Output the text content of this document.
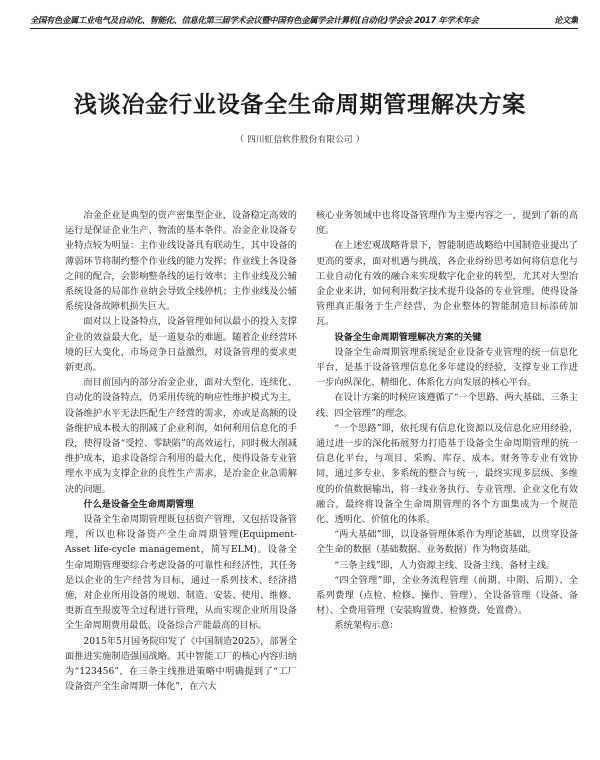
全国有色金属工业电气及自动化、智能化、信息化第三届学术会议暨中国有色金属学会计算机(自动化)学会会 2017 年学术年会	论文集
浅谈冶金行业设备全生命周期管理解决方案
（ 四川虹信软件股份有限公司 ）

冶金企业是典型的资产密集型企业，设备稳定高效的运行是保证企业生产、物流的基本条件。冶金企业设备专业特点较为明显：主作业线设备具有联动生，其中设备的薄弱环节将制约整个作业线的能力发挥；作业线上各设备之间的配合，会影响整条线的运行效率；主作业线及公辅系统设备的局部作业纳会导致全线停机；主作业线及公辅系统设备故障机损失巨大。

面对以上设备特点，设备管理如何以最小的投入支撑企业的效益最大化，是一道复杂的难题。随着企业经营环境的巨大变化，市场竞争日益激烈，对设备管理的要求更新更高。

而目前国内的部分冶金企业，面对大型化、连续化、自动化的设备特点，仍采用传统的响应性维护模式为主，设备维护水平无法匹配生产经营的需求，亦或是高额的设备维护成本极大的削减了企业利润，如何利用信息化的手段，使得设备“受控、零缺陷”的高效运行，同时极大削减维护成本，追求设备综合利用的最大化，使得设备专业管理水平成为支撑企业的良性生产需求，是冶金企业急需解决的问题。

什么是设备全生命周期管理

设备全生命周期管理既包括资产管理，又包括设备管理，所以也称设备资产全生命周期管理(Equipment-Asset life-cycle management，简写ELM)。设备全生命周期管理要综合考虑设备的可靠性和经济性，其任务是以企业的生产经营为目标，通过一系列技术、经济措施，对企业所用设备的规划、制造、安装、使用、维修、更新直至报废等全过程进行管理，从而实现企业所用设备全生命周期费用最低、设备综合产能最高的目标。

2015年5月国务院印发了《中国制造2025》，部署全面推进实施制造强国战略。其中智能工厂的核心内容归纳为“123456”，在三条主线推进策略中明确提到了“工厂设备资产全生命周期一体化”，在六大

核心业务领域中也将设备管理作为主要内容之一，提到了新的高度。

在上述宏观战略背景下，智能制造战略给中国制造业提出了更高的要求，面对机遇与挑战，各企业纷纷思考如何将信息化与工业自动化有效的融合来实现数字化企业的转型，尤其对大型冶金企业来讲，如何利用数字技术提升设备的专业管理，使得设备管理真正服务于生产经营，为企业整体的智能制造目标添砖加瓦。

设备全生命周期管理解决方案的关键

设备全生命周期管理系统是企业设备专业管理的统一信息化平台，是基于设备管理信息化多年建设的经验，支撑专业工作进一步向纵深化、精细化、体系化方向发展的核心平台。

在设计方案的时候应该遵循了“一个思路、两大基础、三条主线、四全管理”的理念。

“一个思路”即，依托现有信息化资源以及信息化应用经验，通过进一步的深化拓展努力打造基于设备全生命周期管理的统一信息化平台，与项目、采购、库存、成本、财务等专业有效协同，通过多专业、多系统的整合与统一，最终实现多层级、多维度的价值数据输出，将一线业务执行、专业管理、企业文化有效融合，最终将设备全生命周期管理的各个方面集成为一个规范化、透明化、价值化的体系。

“两大基础”即，以设备管理体系作为理论基础，以贯穿设备全生命的数据（基础数据、业务数据）作为物资基础。

“三条主线”即，人力资源主线、设备主线、备材主线。

“四全管理”即，全业务流程管理（前期、中期、后期）、全系列费理（点检、检修、操作、管理）、全设备管理（设备、备材）、全费用管理（安装购置费、检修费、处置费）。

系统架构示意：
